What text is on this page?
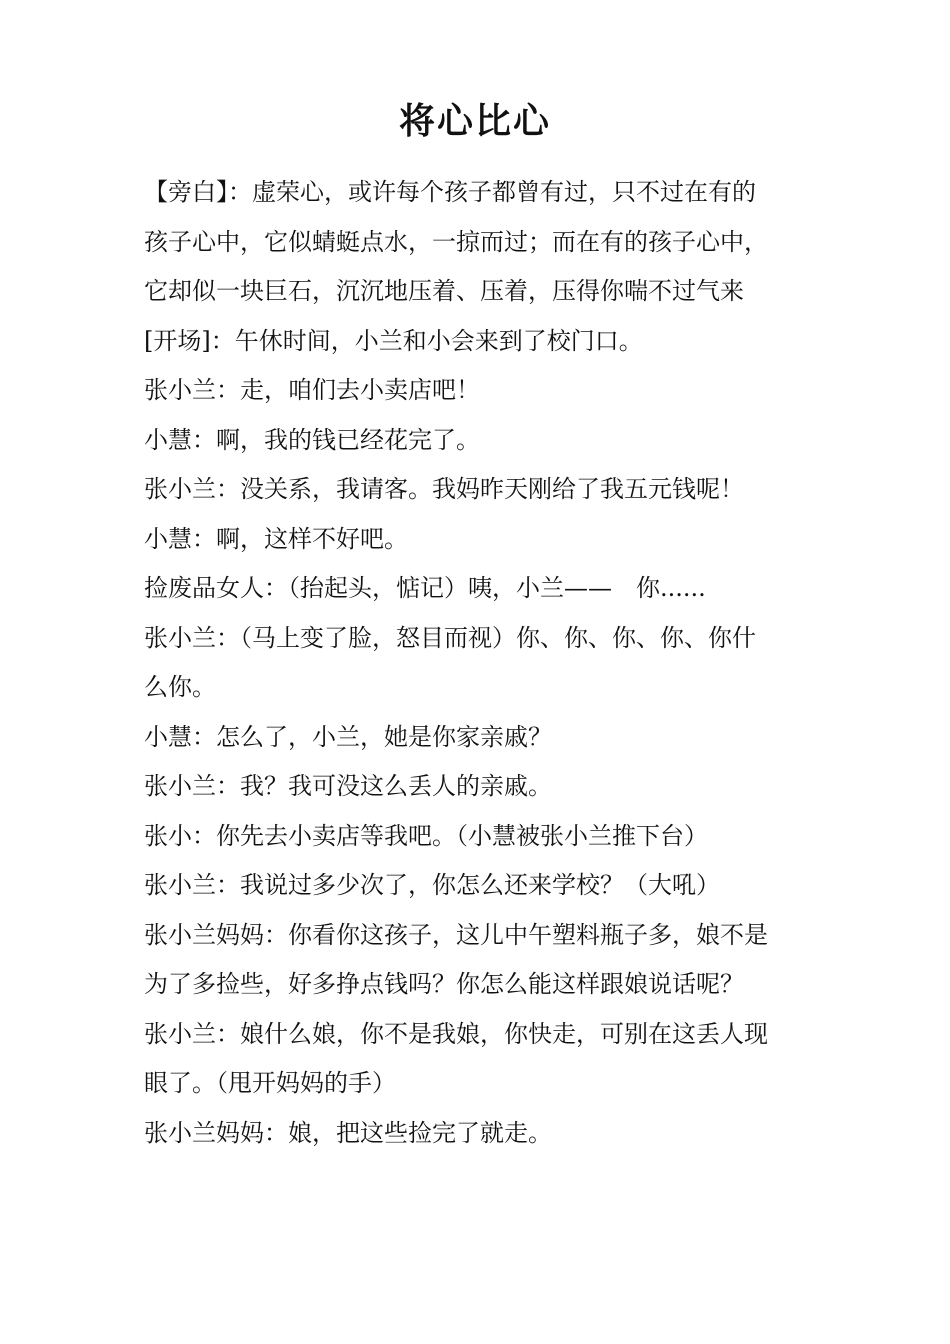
将心比心
【旁白】：虚荣心，或许每个孩子都曾有过，只不过在有的
孩子心中，它似蜻蜓点水，一掠而过；而在有的孩子心中，
它却似一块巨石，沉沉地压着、压着，压得你喘不过气来
[开场]：午休时间，小兰和小会来到了校门口。
张小兰：走，咱们去小卖店吧！
小慧：啊，我的钱已经花完了。
张小兰：没关系，我请客。我妈昨天刚给了我五元钱呢！
小慧：啊，这样不好吧。
捡废品女人：（抬起头，惦记）咦，小兰——　你......
张小兰：（马上变了脸，怒目而视）你、你、你、你、你什
么你。
小慧：怎么了，小兰，她是你家亲戚？
张小兰：我？我可没这么丢人的亲戚。
张小：你先去小卖店等我吧。（小慧被张小兰推下台）
张小兰：我说过多少次了，你怎么还来学校？（大吼）
张小兰妈妈：你看你这孩子，这儿中午塑料瓶子多，娘不是
为了多捡些，好多挣点钱吗？你怎么能这样跟娘说话呢？
张小兰：娘什么娘，你不是我娘，你快走，可别在这丢人现
眼了。（甩开妈妈的手）
张小兰妈妈：娘，把这些捡完了就走。
